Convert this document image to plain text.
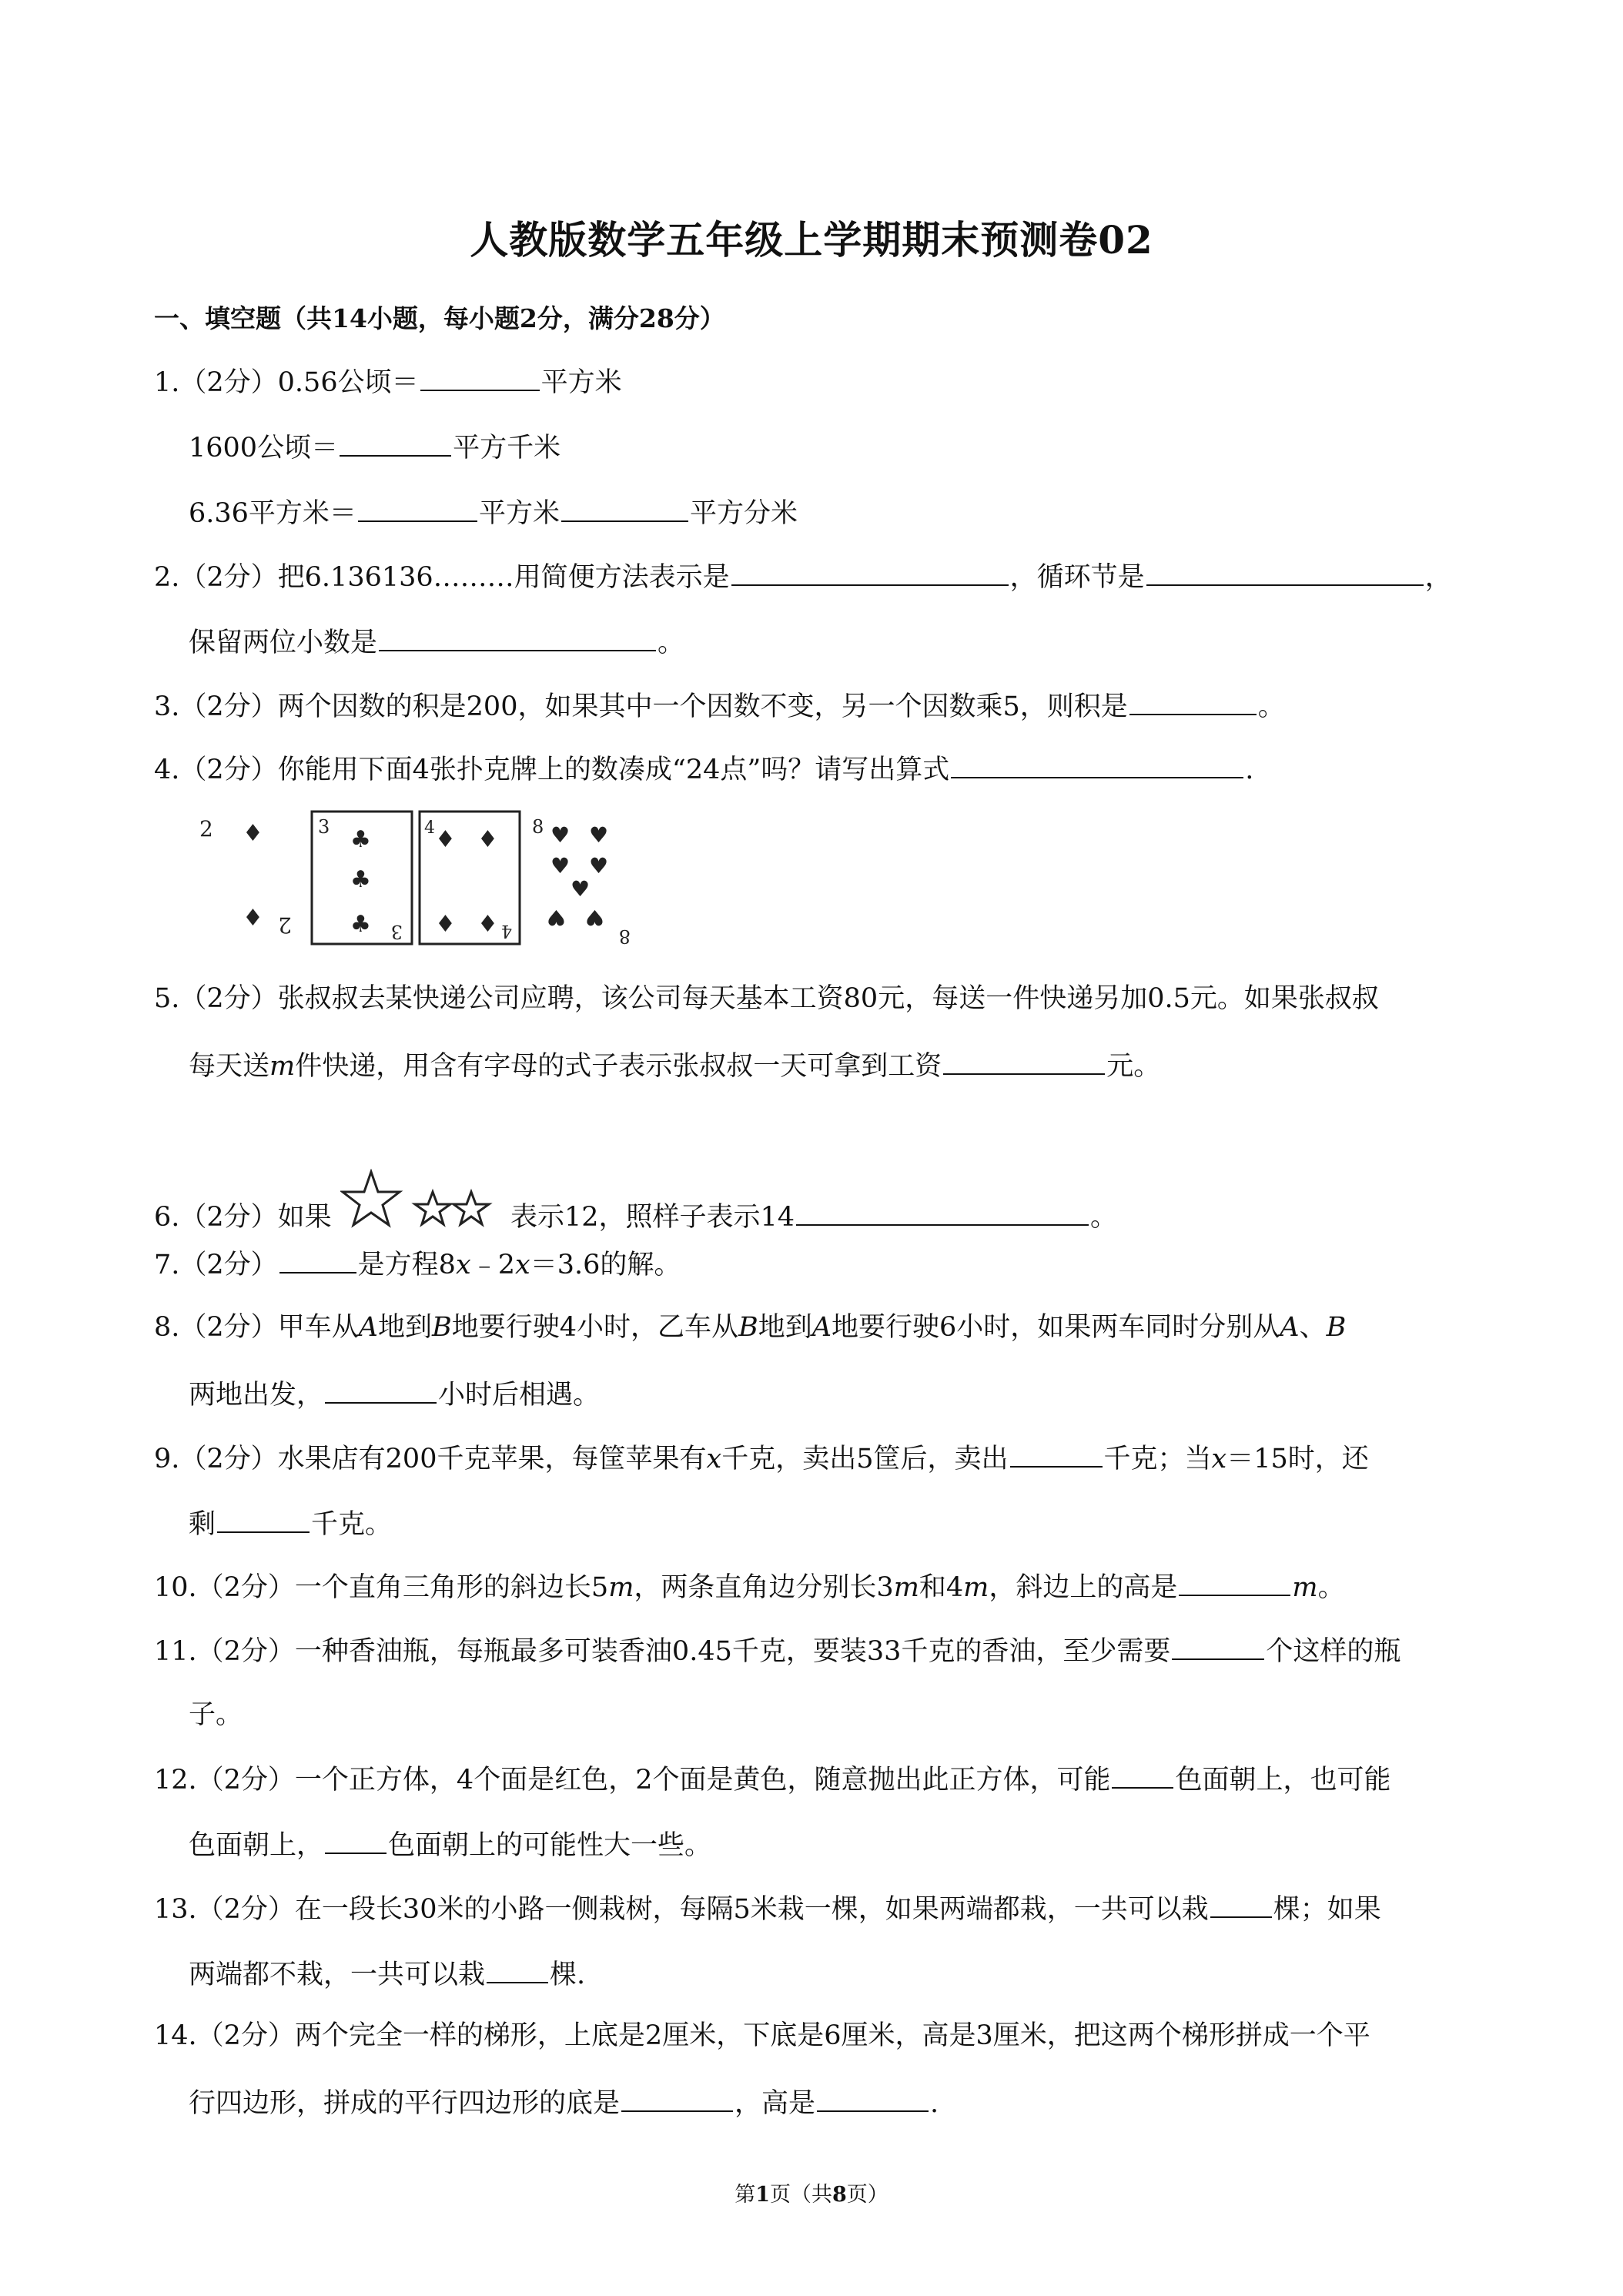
人教版数学五年级上学期期末预测卷02
一、填空题（共14小题，每小题2分，满分28分）
1.（2分）0.56公顷＝	平方米
1600公顷＝	平方千米
6.36平方米＝	平方米	平方分米
2.（2分）把6.136136………用简便方法表示是	，循环节是	，
保留两位小数是	。
3.（2分）两个因数的积是200，如果其中一个因数不变，另一个因数乘5，则积是	。
4.（2分）你能用下面4张扑克牌上的数凑成“24点”吗？请写出算式	.
2 ♦
♦ 2
3 ♣
♣
♣ 3
4 ♦ ♦
♦ ♦ 4
8 ♥ ♥
♥ ♥
♥
♥ ♥
8
5.（2分）张叔叔去某快递公司应聘，该公司每天基本工资80元，每送一件快递另加0.5元。如果张叔叔
每天送m件快递，用含有字母的式子表示张叔叔一天可拿到工资	元。
6.（2分）如果	表示12，照样子表示14	。
7.（2分）	是方程8x﹣2x＝3.6的解。
8.（2分）甲车从A地到B地要行驶4小时，乙车从B地到A地要行驶6小时，如果两车同时分别从A、B
两地出发，	小时后相遇。
9.（2分）水果店有200千克苹果，每筐苹果有x千克，卖出5筐后，卖出	千克；当x＝15时，还
剩	千克。
10.（2分）一个直角三角形的斜边长5m，两条直角边分别长3m和4m，斜边上的高是	m。
11.（2分）一种香油瓶，每瓶最多可装香油0.45千克，要装33千克的香油，至少需要	个这样的瓶
子。
12.（2分）一个正方体，4个面是红色，2个面是黄色，随意抛出此正方体，可能 色面朝上，也可能
色面朝上， 色面朝上的可能性大一些。
13.（2分）在一段长30米的小路一侧栽树，每隔5米栽一棵，如果两端都栽，一共可以栽 棵；如果
两端都不栽，一共可以栽 棵.
14.（2分）两个完全一样的梯形，上底是2厘米，下底是6厘米，高是3厘米，把这两个梯形拼成一个平
行四边形，拼成的平行四边形的底是	，高是	.
第1页（共8页）
